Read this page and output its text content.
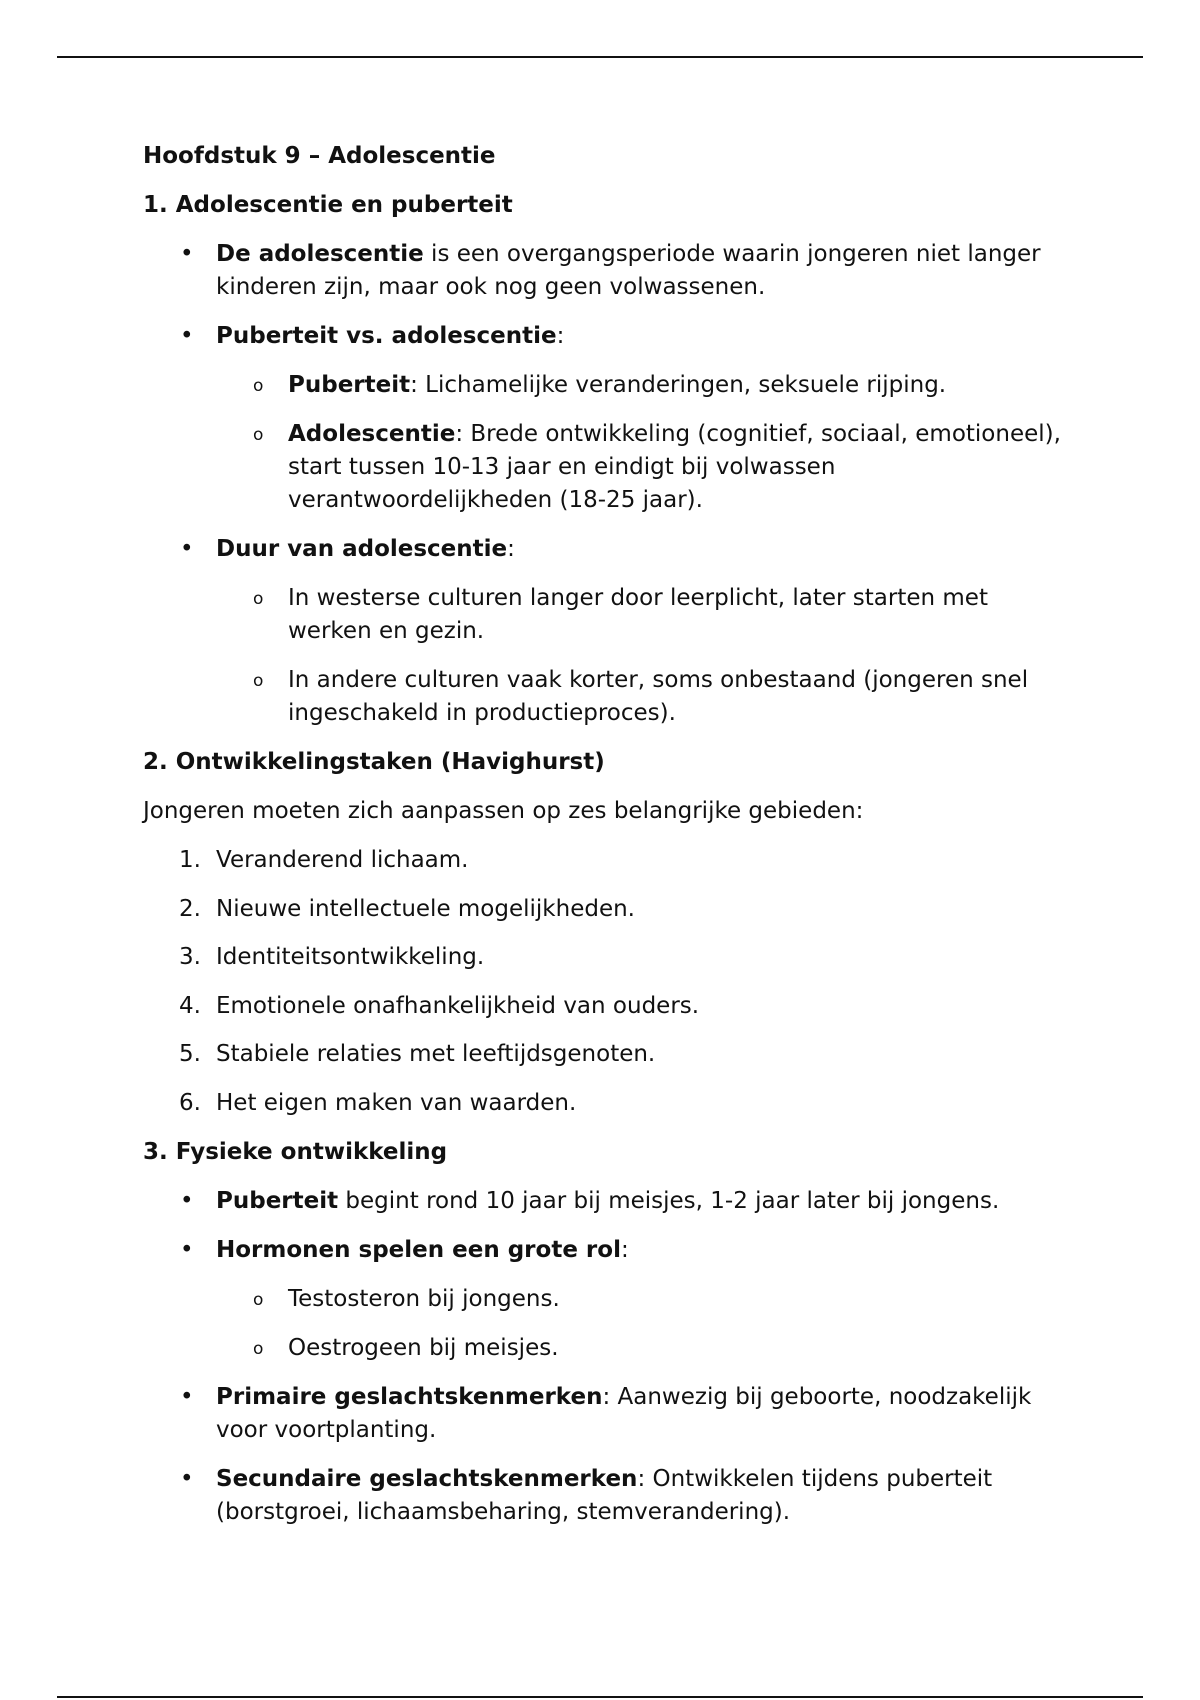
Hoofdstuk 9 – Adolescentie
1. Adolescentie en puberteit
• De adolescentie is een overgangsperiode waarin jongeren niet langer kinderen zijn, maar ook nog geen volwassenen.
• Puberteit vs. adolescentie:
o Puberteit: Lichamelijke veranderingen, seksuele rijping.
o Adolescentie: Brede ontwikkeling (cognitief, sociaal, emotioneel), start tussen 10-13 jaar en eindigt bij volwassen verantwoordelijkheden (18-25 jaar).
• Duur van adolescentie:
o In westerse culturen langer door leerplicht, later starten met werken en gezin.
o In andere culturen vaak korter, soms onbestaand (jongeren snel ingeschakeld in productieproces).
2. Ontwikkelingstaken (Havighurst)
Jongeren moeten zich aanpassen op zes belangrijke gebieden:
1. Veranderend lichaam.
2. Nieuwe intellectuele mogelijkheden.
3. Identiteitsontwikkeling.
4. Emotionele onafhankelijkheid van ouders.
5. Stabiele relaties met leeftijdsgenoten.
6. Het eigen maken van waarden.
3. Fysieke ontwikkeling
• Puberteit begint rond 10 jaar bij meisjes, 1-2 jaar later bij jongens.
• Hormonen spelen een grote rol:
o Testosteron bij jongens.
o Oestrogeen bij meisjes.
• Primaire geslachtskenmerken: Aanwezig bij geboorte, noodzakelijk voor voortplanting.
• Secundaire geslachtskenmerken: Ontwikkelen tijdens puberteit (borstgroei, lichaamsbeharing, stemverandering).
